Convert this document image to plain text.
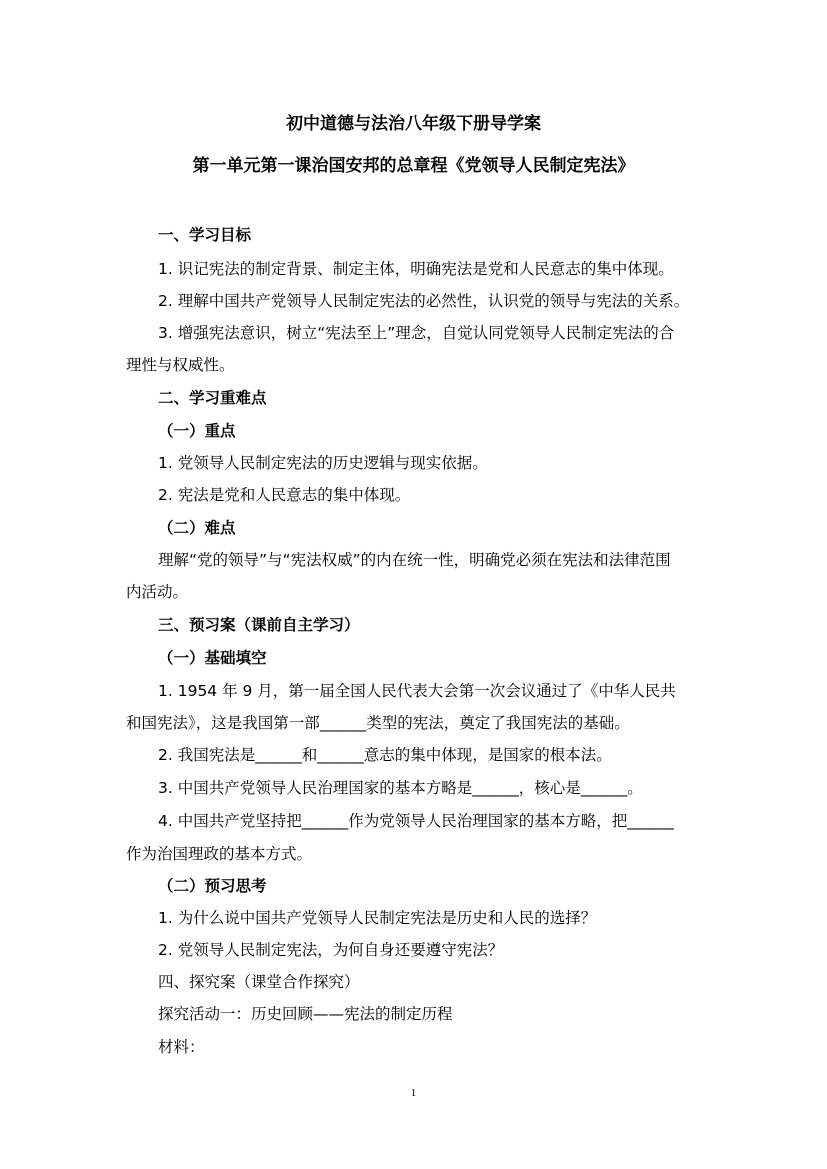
初中道德与法治八年级下册导学案
第一单元第一课治国安邦的总章程《党领导人民制定宪法》
一、学习目标
1. 识记宪法的制定背景、制定主体，明确宪法是党和人民意志的集中体现。
2. 理解中国共产党领导人民制定宪法的必然性，认识党的领导与宪法的关系。
3. 增强宪法意识，树立“宪法至上”理念，自觉认同党领导人民制定宪法的合
理性与权威性。
二、学习重难点
（一）重点
1. 党领导人民制定宪法的历史逻辑与现实依据。
2. 宪法是党和人民意志的集中体现。
（二）难点
理解“党的领导”与“宪法权威”的内在统一性，明确党必须在宪法和法律范围
内活动。
三、预习案（课前自主学习）
（一）基础填空
1. 1954 年 9 月，第一届全国人民代表大会第一次会议通过了《中华人民共
和国宪法》，这是我国第一部______类型的宪法，奠定了我国宪法的基础。
2. 我国宪法是______和______意志的集中体现，是国家的根本法。
3. 中国共产党领导人民治理国家的基本方略是______，核心是______。
4. 中国共产党坚持把______作为党领导人民治理国家的基本方略，把______
作为治国理政的基本方式。
（二）预习思考
1. 为什么说中国共产党领导人民制定宪法是历史和人民的选择？
2. 党领导人民制定宪法，为何自身还要遵守宪法？
四、探究案（课堂合作探究）
探究活动一：历史回顾——宪法的制定历程
材料：
1
